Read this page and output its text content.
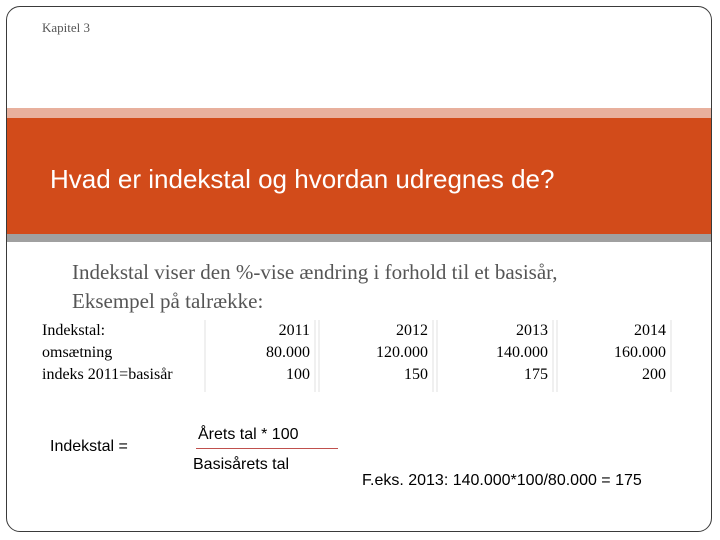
Kapitel 3
Hvad er indekstal og hvordan udregnes de?
Indekstal viser den %-vise ændring i forhold til et basisår, Eksempel på talrække:
Indekstal:
omsætning
indeks 2011=basisår
2011
80.000
100
2012
120.000
150
2013
140.000
175
2014
160.000
200
Indekstal =
Årets tal * 100
Basisårets tal
F.eks. 2013: 140.000*100/80.000 = 175
